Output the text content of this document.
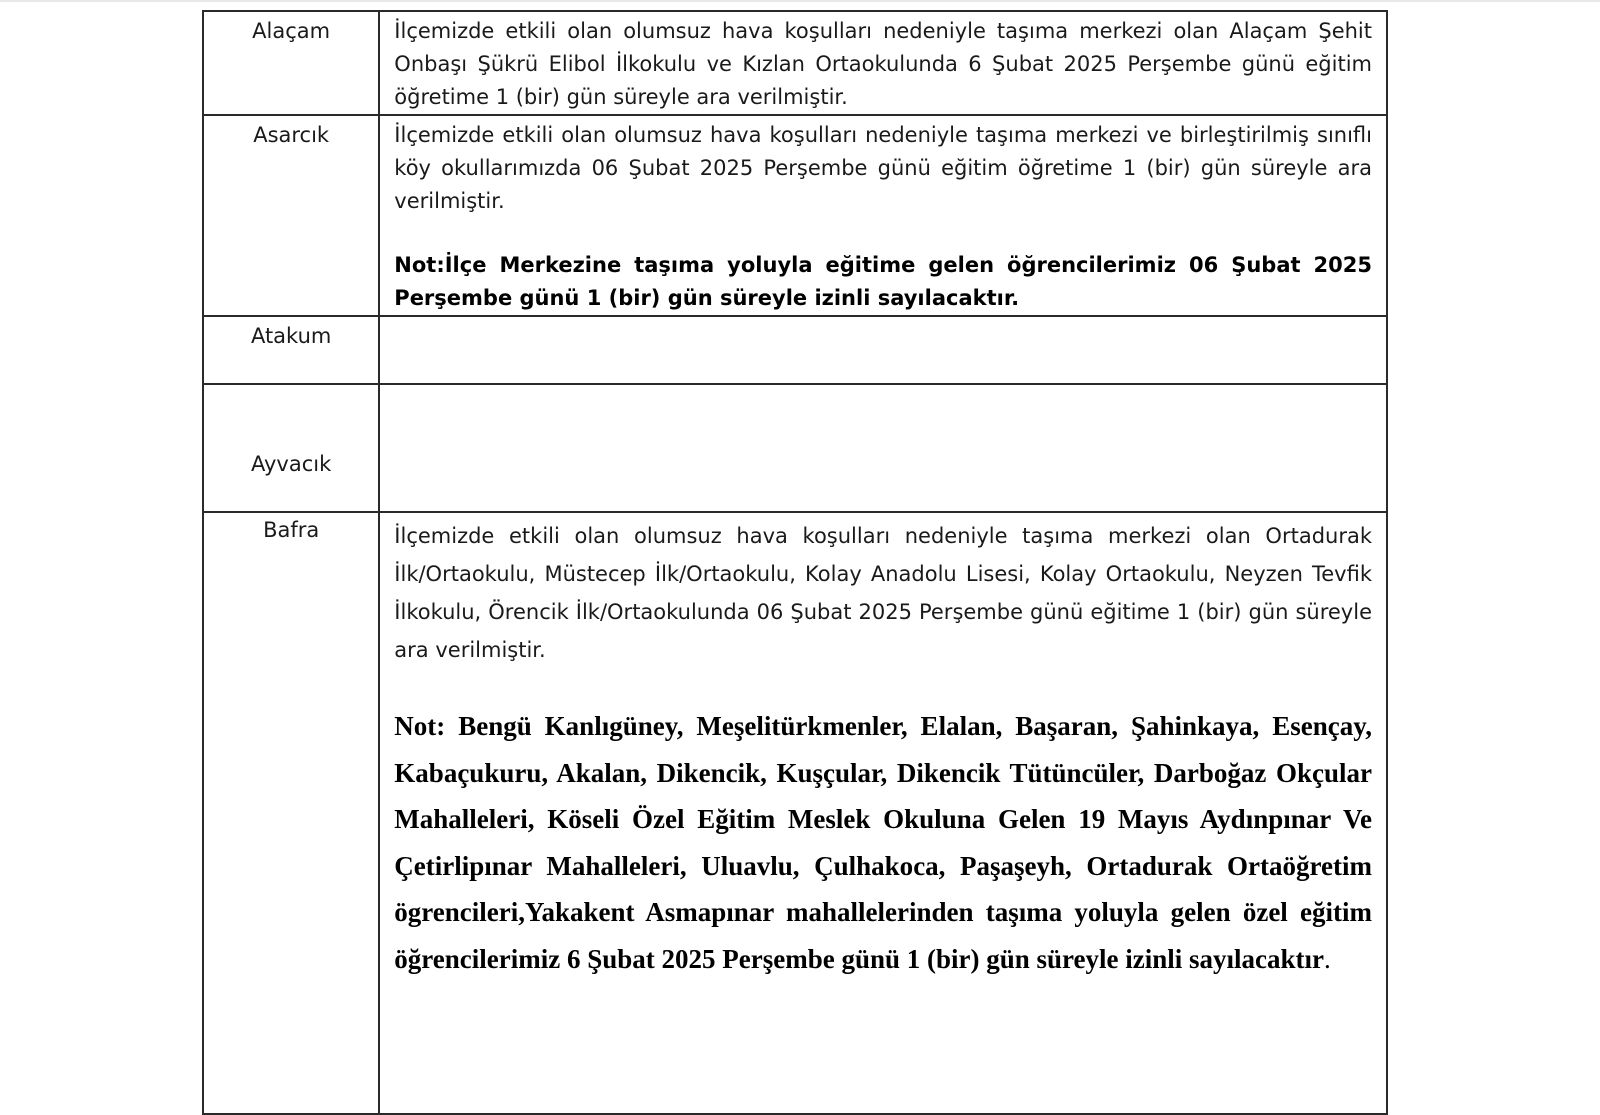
Alaçam	İlçemizde etkili olan olumsuz hava koşulları nedeniyle taşıma merkezi olan Alaçam Şehit Onbaşı Şükrü Elibol İlkokulu ve Kızlan Ortaokulunda 6 Şubat 2025 Perşembe günü eğitim öğretime 1 (bir) gün süreyle ara verilmiştir.

Asarcık	İlçemizde etkili olan olumsuz hava koşulları nedeniyle taşıma merkezi ve birleştirilmiş sınıflı köy okullarımızda 06 Şubat 2025 Perşembe günü eğitim öğretime 1 (bir) gün süreyle ara verilmiştir.
Not:İlçe Merkezine taşıma yoluyla eğitime gelen öğrencilerimiz 06 Şubat 2025 Perşembe günü 1 (bir) gün süreyle izinli sayılacaktır.

Atakum	

Ayvacık	

Bafra	İlçemizde etkili olan olumsuz hava koşulları nedeniyle taşıma merkezi olan Ortadurak İlk/Ortaokulu, Müstecep İlk/Ortaokulu, Kolay Anadolu Lisesi, Kolay Ortaokulu, Neyzen Tevfik İlkokulu, Örencik İlk/Ortaokulunda 06 Şubat 2025 Perşembe günü eğitime 1 (bir) gün süreyle ara verilmiştir.
Not: Bengü Kanlıgüney, Meşelitürkmenler, Elalan, Başaran, Şahinkaya, Esençay, Kabaçukuru, Akalan, Dikencik, Kuşçular, Dikencik Tütüncüler, Darboğaz Okçular Mahalleleri, Köseli Özel Eğitim Meslek Okuluna Gelen 19 Mayıs Aydınpınar Ve Çetirlipınar Mahalleleri, Uluavlu, Çulhakoca, Paşaşeyh, Ortadurak Ortaöğretim ögrencileri,Yakakent Asmapınar mahallelerinden taşıma yoluyla gelen özel eğitim öğrencilerimiz 6 Şubat 2025 Perşembe günü 1 (bir) gün süreyle izinli sayılacaktır.
